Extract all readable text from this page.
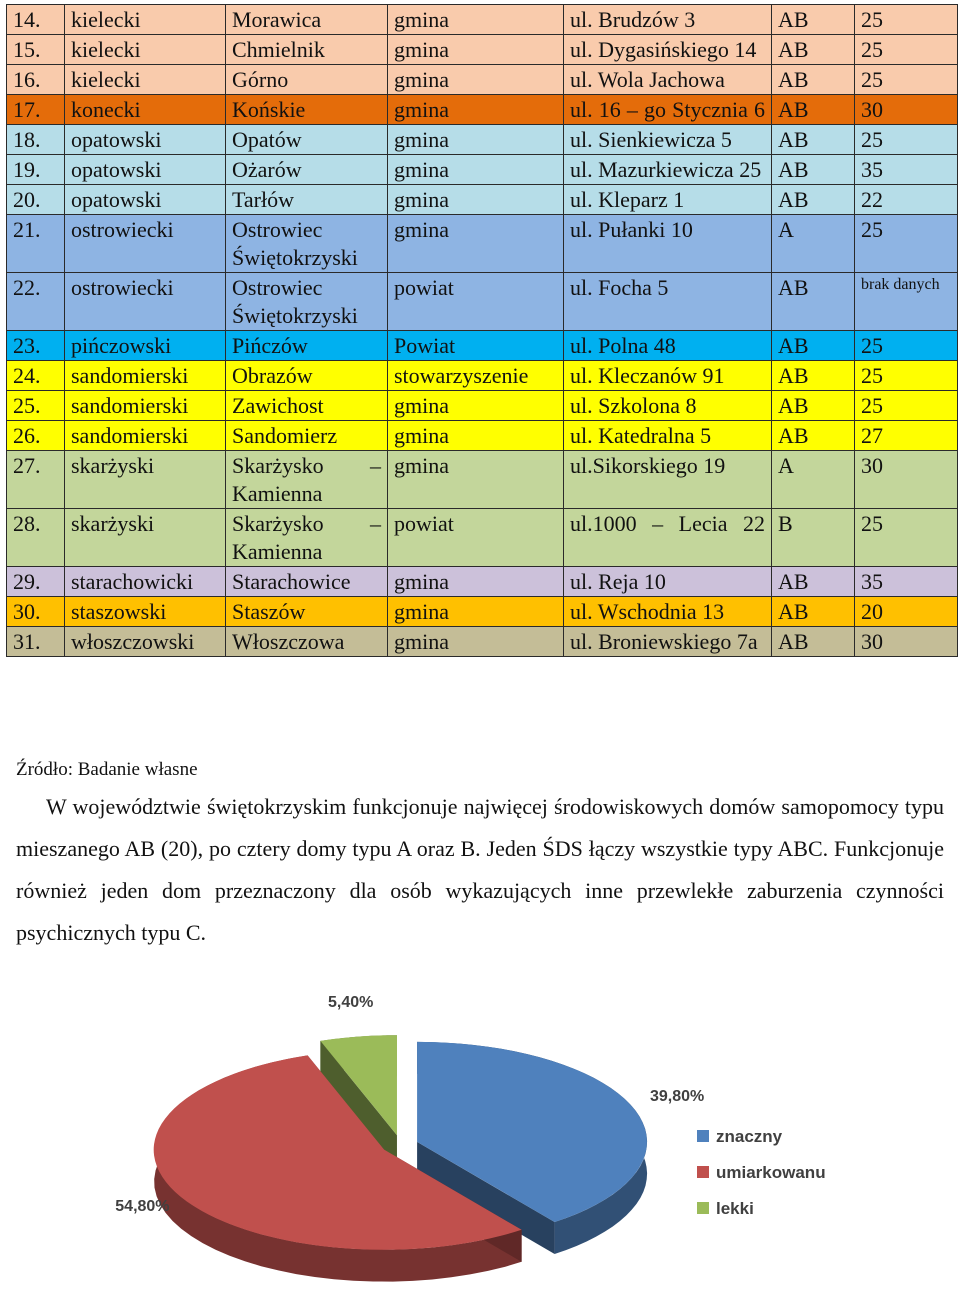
14.	kielecki	Morawica	gmina	ul. Brudzów 3	AB	25
15.	kielecki	Chmielnik	gmina	ul. Dygasińskiego 14	AB	25
16.	kielecki	Górno	gmina	ul. Wola Jachowa	AB	25
17.	konecki	Końskie	gmina	ul. 16 – go Stycznia 6	AB	30
18.	opatowski	Opatów	gmina	ul. Sienkiewicza 5	AB	25
19.	opatowski	Ożarów	gmina	ul. Mazurkiewicza 25	AB	35
20.	opatowski	Tarłów	gmina	ul. Kleparz 1	AB	22
21.	ostrowiecki	Ostrowiec Świętokrzyski	gmina	ul. Pułanki 10	A	25
22.	ostrowiecki	Ostrowiec Świętokrzyski	powiat	ul. Focha 5	AB	brak danych
23.	pińczowski	Pińczów	Powiat	ul. Polna 48	AB	25
24.	sandomierski	Obrazów	stowarzyszenie	ul. Kleczanów 91	AB	25
25.	sandomierski	Zawichost	gmina	ul. Szkolona 8	AB	25
26.	sandomierski	Sandomierz	gmina	ul. Katedralna 5	AB	27
27.	skarżyski	Skarżysko – Kamienna	gmina	ul.Sikorskiego 19	A	30
28.	skarżyski	Skarżysko – Kamienna	powiat	ul.1000 – Lecia 22	B	25
29.	starachowicki	Starachowice	gmina	ul. Reja 10	AB	35
30.	staszowski	Staszów	gmina	ul. Wschodnia 13	AB	20
31.	włoszczowski	Włoszczowa	gmina	ul. Broniewskiego 7a	AB	30
Źródło: Badanie własne

W województwie świętokrzyskim funkcjonuje najwięcej środowiskowych domów samopomocy typu mieszanego AB (20), po cztery domy typu A oraz B. Jeden ŚDS łączy wszystkie typy ABC. Funkcjonuje również jeden dom przeznaczony dla osób wykazujących inne przewlekłe zaburzenia czynności psychicznych typu C.

39,80%
54,80%
5,40%
znaczny
umiarkowanu
lekki
